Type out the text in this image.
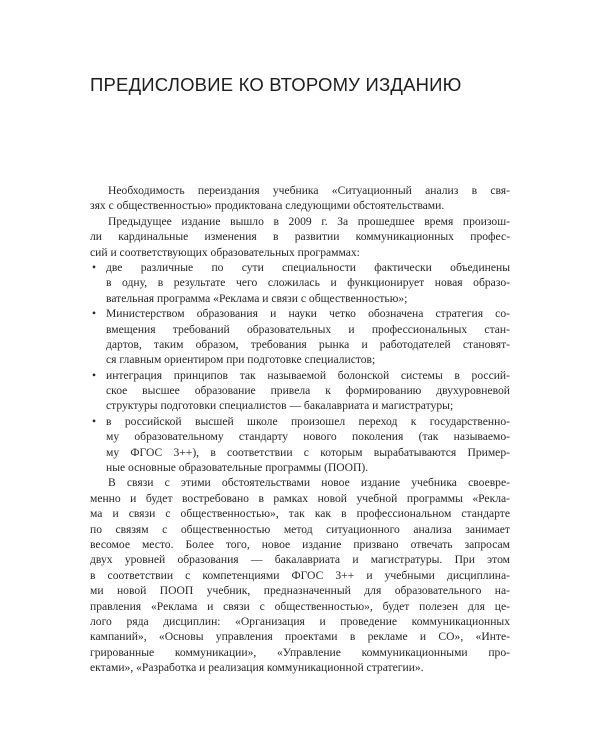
ПРЕДИСЛОВИЕ КО ВТОРОМУ ИЗДАНИЮ
Необходимость переиздания учебника «Ситуационный анализ в свя-
зях с общественностью» продиктована следующими обстоятельствами.
Предыдущее издание вышло в 2009 г. За прошедшее время произош-
ли кардинальные изменения в развитии коммуникационных профес-
сий и соответствующих образовательных программах:
• две различные по сути специальности фактически объединены
в одну, в результате чего сложилась и функционирует новая образо-
вательная программа «Реклама и связи с общественностью»;
• Министерством образования и науки четко обозначена стратегия со-
вмещения требований образовательных и профессиональных стан-
дартов, таким образом, требования рынка и работодателей становят-
ся главным ориентиром при подготовке специалистов;
• интеграция принципов так называемой болонской системы в россий-
ское высшее образование привела к формированию двухуровневой
структуры подготовки специалистов — бакалавриата и магистратуры;
• в российской высшей школе произошел переход к государственно-
му образовательному стандарту нового поколения (так называемо-
му ФГОС 3++), в соответствии с которым вырабатываются Пример-
ные основные образовательные программы (ПООП).
В связи с этими обстоятельствами новое издание учебника своевре-
менно и будет востребовано в рамках новой учебной программы «Рекла-
ма и связи с общественностью», так как в профессиональном стандарте
по связям с общественностью метод ситуационного анализа занимает
весомое место. Более того, новое издание призвано отвечать запросам
двух уровней образования — бакалавриата и магистратуры. При этом
в соответствии с компетенциями ФГОС 3++ и учебными дисциплина-
ми новой ПООП учебник, предназначенный для образовательного на-
правления «Реклама и связи с общественностью», будет полезен для це-
лого ряда дисциплин: «Организация и проведение коммуникационных
кампаний», «Основы управления проектами в рекламе и СО», «Инте-
грированные коммуникации», «Управление коммуникационными про-
ектами», «Разработка и реализация коммуникационной стратегии».
